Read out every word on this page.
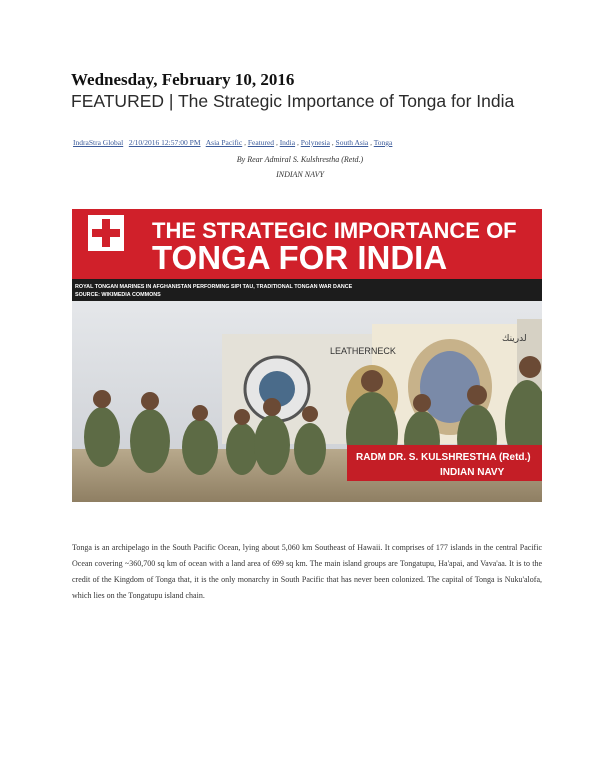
Wednesday, February 10, 2016
FEATURED | The Strategic Importance of Tonga for India
IndraStra Global 2/10/2016 12:57:00 PM Asia Pacific , Featured , India , Polynesia , South Asia , Tonga
By Rear Admiral S. Kulshrestha (Retd.)
INDIAN NAVY
LEATHERNECK
لدرينك
THE STRATEGIC IMPORTANCE OF
TONGA FOR INDIA
ROYAL TONGAN MARINES IN AFGHANISTAN PERFORMING SIPI TAU, TRADITIONAL TONGAN WAR DANCE
SOURCE: WIKIMEDIA COMMONS
RADM DR. S. KULSHRESTHA (Retd.)
INDIAN NAVY
Tonga is an archipelago in the South Pacific Ocean, lying about 5,060 km Southeast of Hawaii. It comprises of 177 islands in the central Pacific Ocean covering ~360,700 sq km of ocean with a land area of 699 sq km. The main island groups are Tongatupu, Ha'apai, and Vava'aa. It is to the credit of the Kingdom of Tonga that, it is the only monarchy in South Pacific that has never been colonized. The capital of Tonga is Nuku'alofa, which lies on the Tongatupu island chain.
